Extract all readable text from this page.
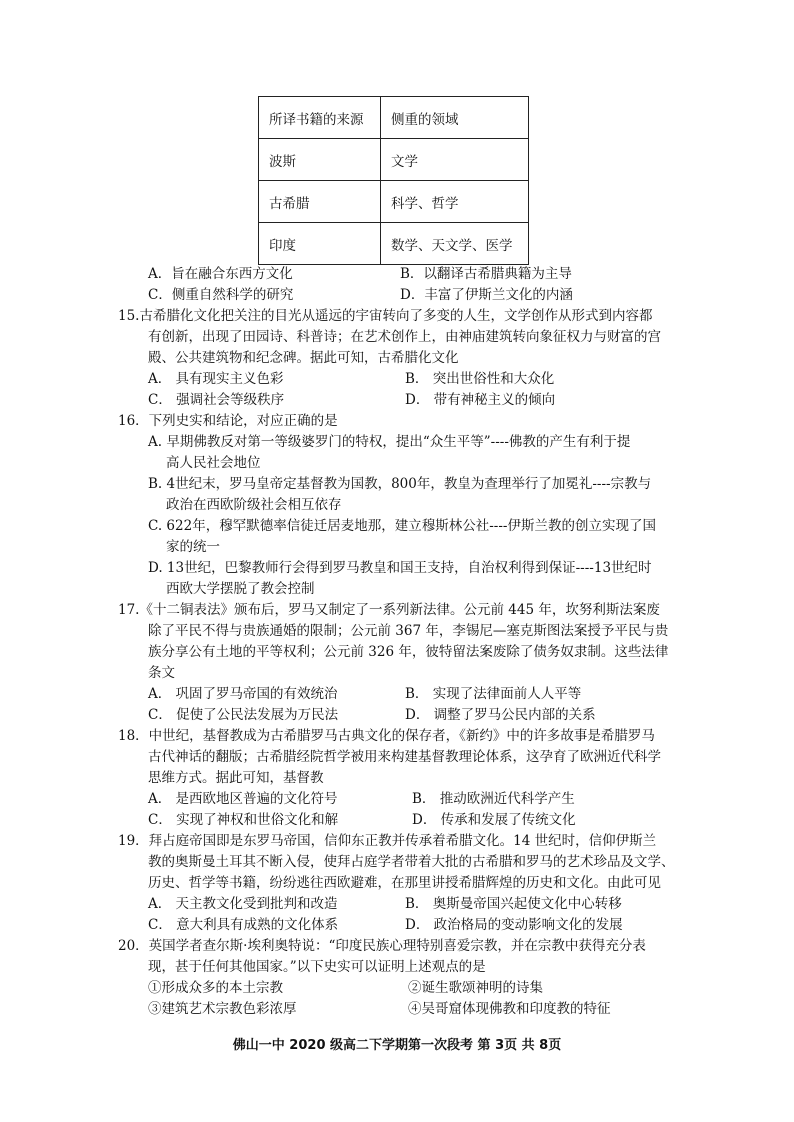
所译书籍的来源	侧重的领域
波斯	文学
古希腊	科学、哲学
印度	数学、天文学、医学
A．旨在融合东西方文化	B．以翻译古希腊典籍为主导
C．侧重自然科学的研究	D．丰富了伊斯兰文化的内涵
15.古希腊化文化把关注的目光从遥远的宇宙转向了多变的人生，文学创作从形式到内容都
有创新，出现了田园诗、科普诗；在艺术创作上，由神庙建筑转向象征权力与财富的宫
殿、公共建筑物和纪念碑。据此可知，古希腊化文化
A． 具有现实主义色彩	B． 突出世俗性和大众化
C． 强调社会等级秩序	D． 带有神秘主义的倾向
16．下列史实和结论，对应正确的是
A. 早期佛教反对第一等级婆罗门的特权，提出“众生平等”----佛教的产生有利于提
高人民社会地位
B. 4世纪末，罗马皇帝定基督教为国教，800年，教皇为查理举行了加冕礼----宗教与
政治在西欧阶级社会相互依存
C. 622年，穆罕默德率信徒迁居麦地那，建立穆斯林公社----伊斯兰教的创立实现了国
家的统一
D. 13世纪，巴黎教师行会得到罗马教皇和国王支持，自治权利得到保证----13世纪时
西欧大学摆脱了教会控制
17.《十二铜表法》颁布后，罗马又制定了一系列新法律。公元前 445 年，坎努利斯法案废
除了平民不得与贵族通婚的限制；公元前 367 年，李锡尼—塞克斯图法案授予平民与贵
族分享公有土地的平等权利；公元前 326 年，彼特留法案废除了债务奴隶制。这些法律
条文
A． 巩固了罗马帝国的有效统治	B． 实现了法律面前人人平等
C． 促使了公民法发展为万民法	D． 调整了罗马公民内部的关系
18．中世纪，基督教成为古希腊罗马古典文化的保存者，《新约》中的许多故事是希腊罗马
古代神话的翻版；古希腊经院哲学被用来构建基督教理论体系，这孕育了欧洲近代科学
思维方式。据此可知，基督教
A． 是西欧地区普遍的文化符号	B． 推动欧洲近代科学产生
C． 实现了神权和世俗文化和解	D． 传承和发展了传统文化
19．拜占庭帝国即是东罗马帝国，信仰东正教并传承着希腊文化。14 世纪时，信仰伊斯兰
教的奥斯曼土耳其不断入侵，使拜占庭学者带着大批的古希腊和罗马的艺术珍品及文学、
历史、哲学等书籍，纷纷逃往西欧避难，在那里讲授希腊辉煌的历史和文化。由此可见
A． 天主教文化受到批判和改造	B． 奥斯曼帝国兴起使文化中心转移
C． 意大利具有成熟的文化体系	D． 政治格局的变动影响文化的发展
20．英国学者查尔斯·埃利奥特说：“印度民族心理特别喜爱宗教，并在宗教中获得充分表
现，甚于任何其他国家。”以下史实可以证明上述观点的是
①形成众多的本土宗教	②诞生歌颂神明的诗集
③建筑艺术宗教色彩浓厚	④吴哥窟体现佛教和印度教的特征
佛山一中 2020 级高二下学期第一次段考 第 3页 共 8页
